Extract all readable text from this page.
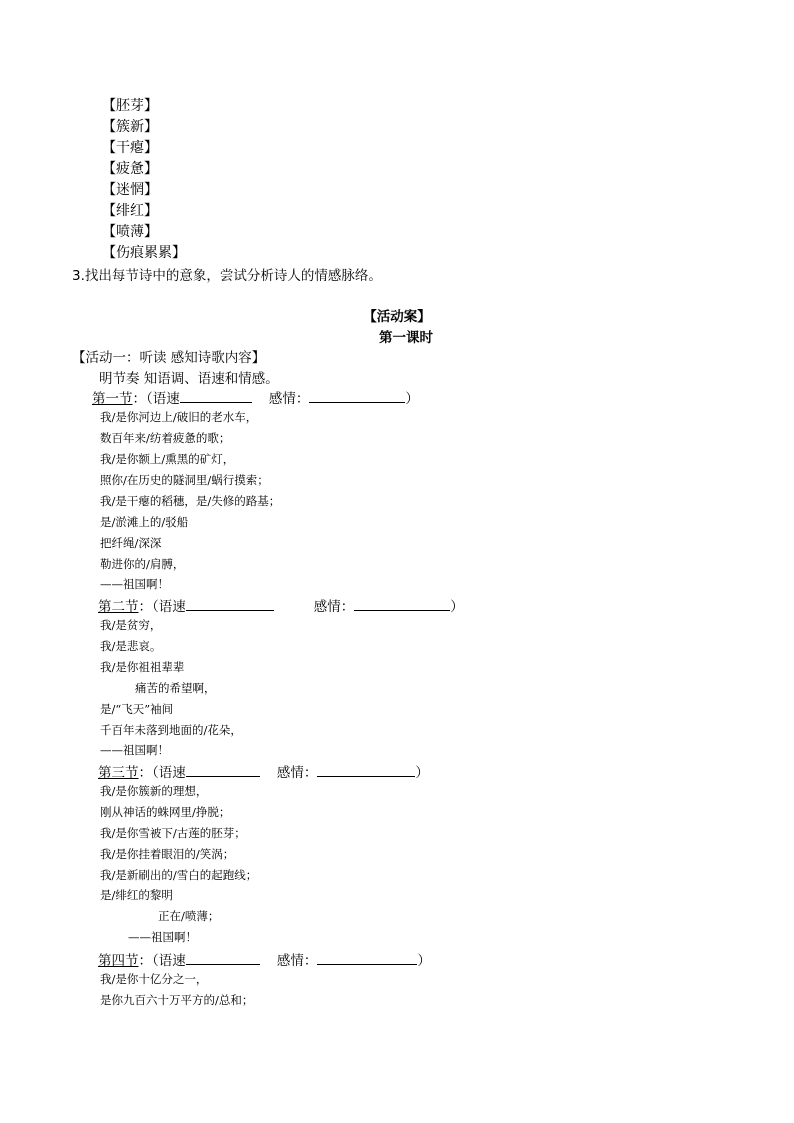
【胚芽】
【簇新】
【干瘪】
【疲惫】
【迷惘】
【绯红】
【喷薄】
【伤痕累累】
3.找出每节诗中的意象，尝试分析诗人的情感脉络。
【活动案】
第一课时
【活动一：听读 感知诗歌内容】
明节奏 知语调、语速和情感。
第一节：（语速	感情：	）
我/是你河边上/破旧的老水车，
数百年来/纺着疲惫的歌；
我/是你额上/熏黑的矿灯，
照你/在历史的隧洞里/蜗行摸索；
我/是干瘪的稻穗，是/失修的路基；
是/淤滩上的/驳船
把纤绳/深深
勒进你的/肩膊，
——祖国啊！
第二节：（语速	感情：	）
我/是贫穷，
我/是悲哀。
我/是你祖祖辈辈
痛苦的希望啊，
是/“飞天”袖间
千百年未落到地面的/花朵，
——祖国啊！
第三节：（语速	感情：	）
我/是你簇新的理想，
刚从神话的蛛网里/挣脱；
我/是你雪被下/古莲的胚芽；
我/是你挂着眼泪的/笑涡；
我/是新刷出的/雪白的起跑线；
是/绯红的黎明
正在/喷薄；
——祖国啊！
第四节：（语速	感情：	）
我/是你十亿分之一，
是你九百六十万平方的/总和；
